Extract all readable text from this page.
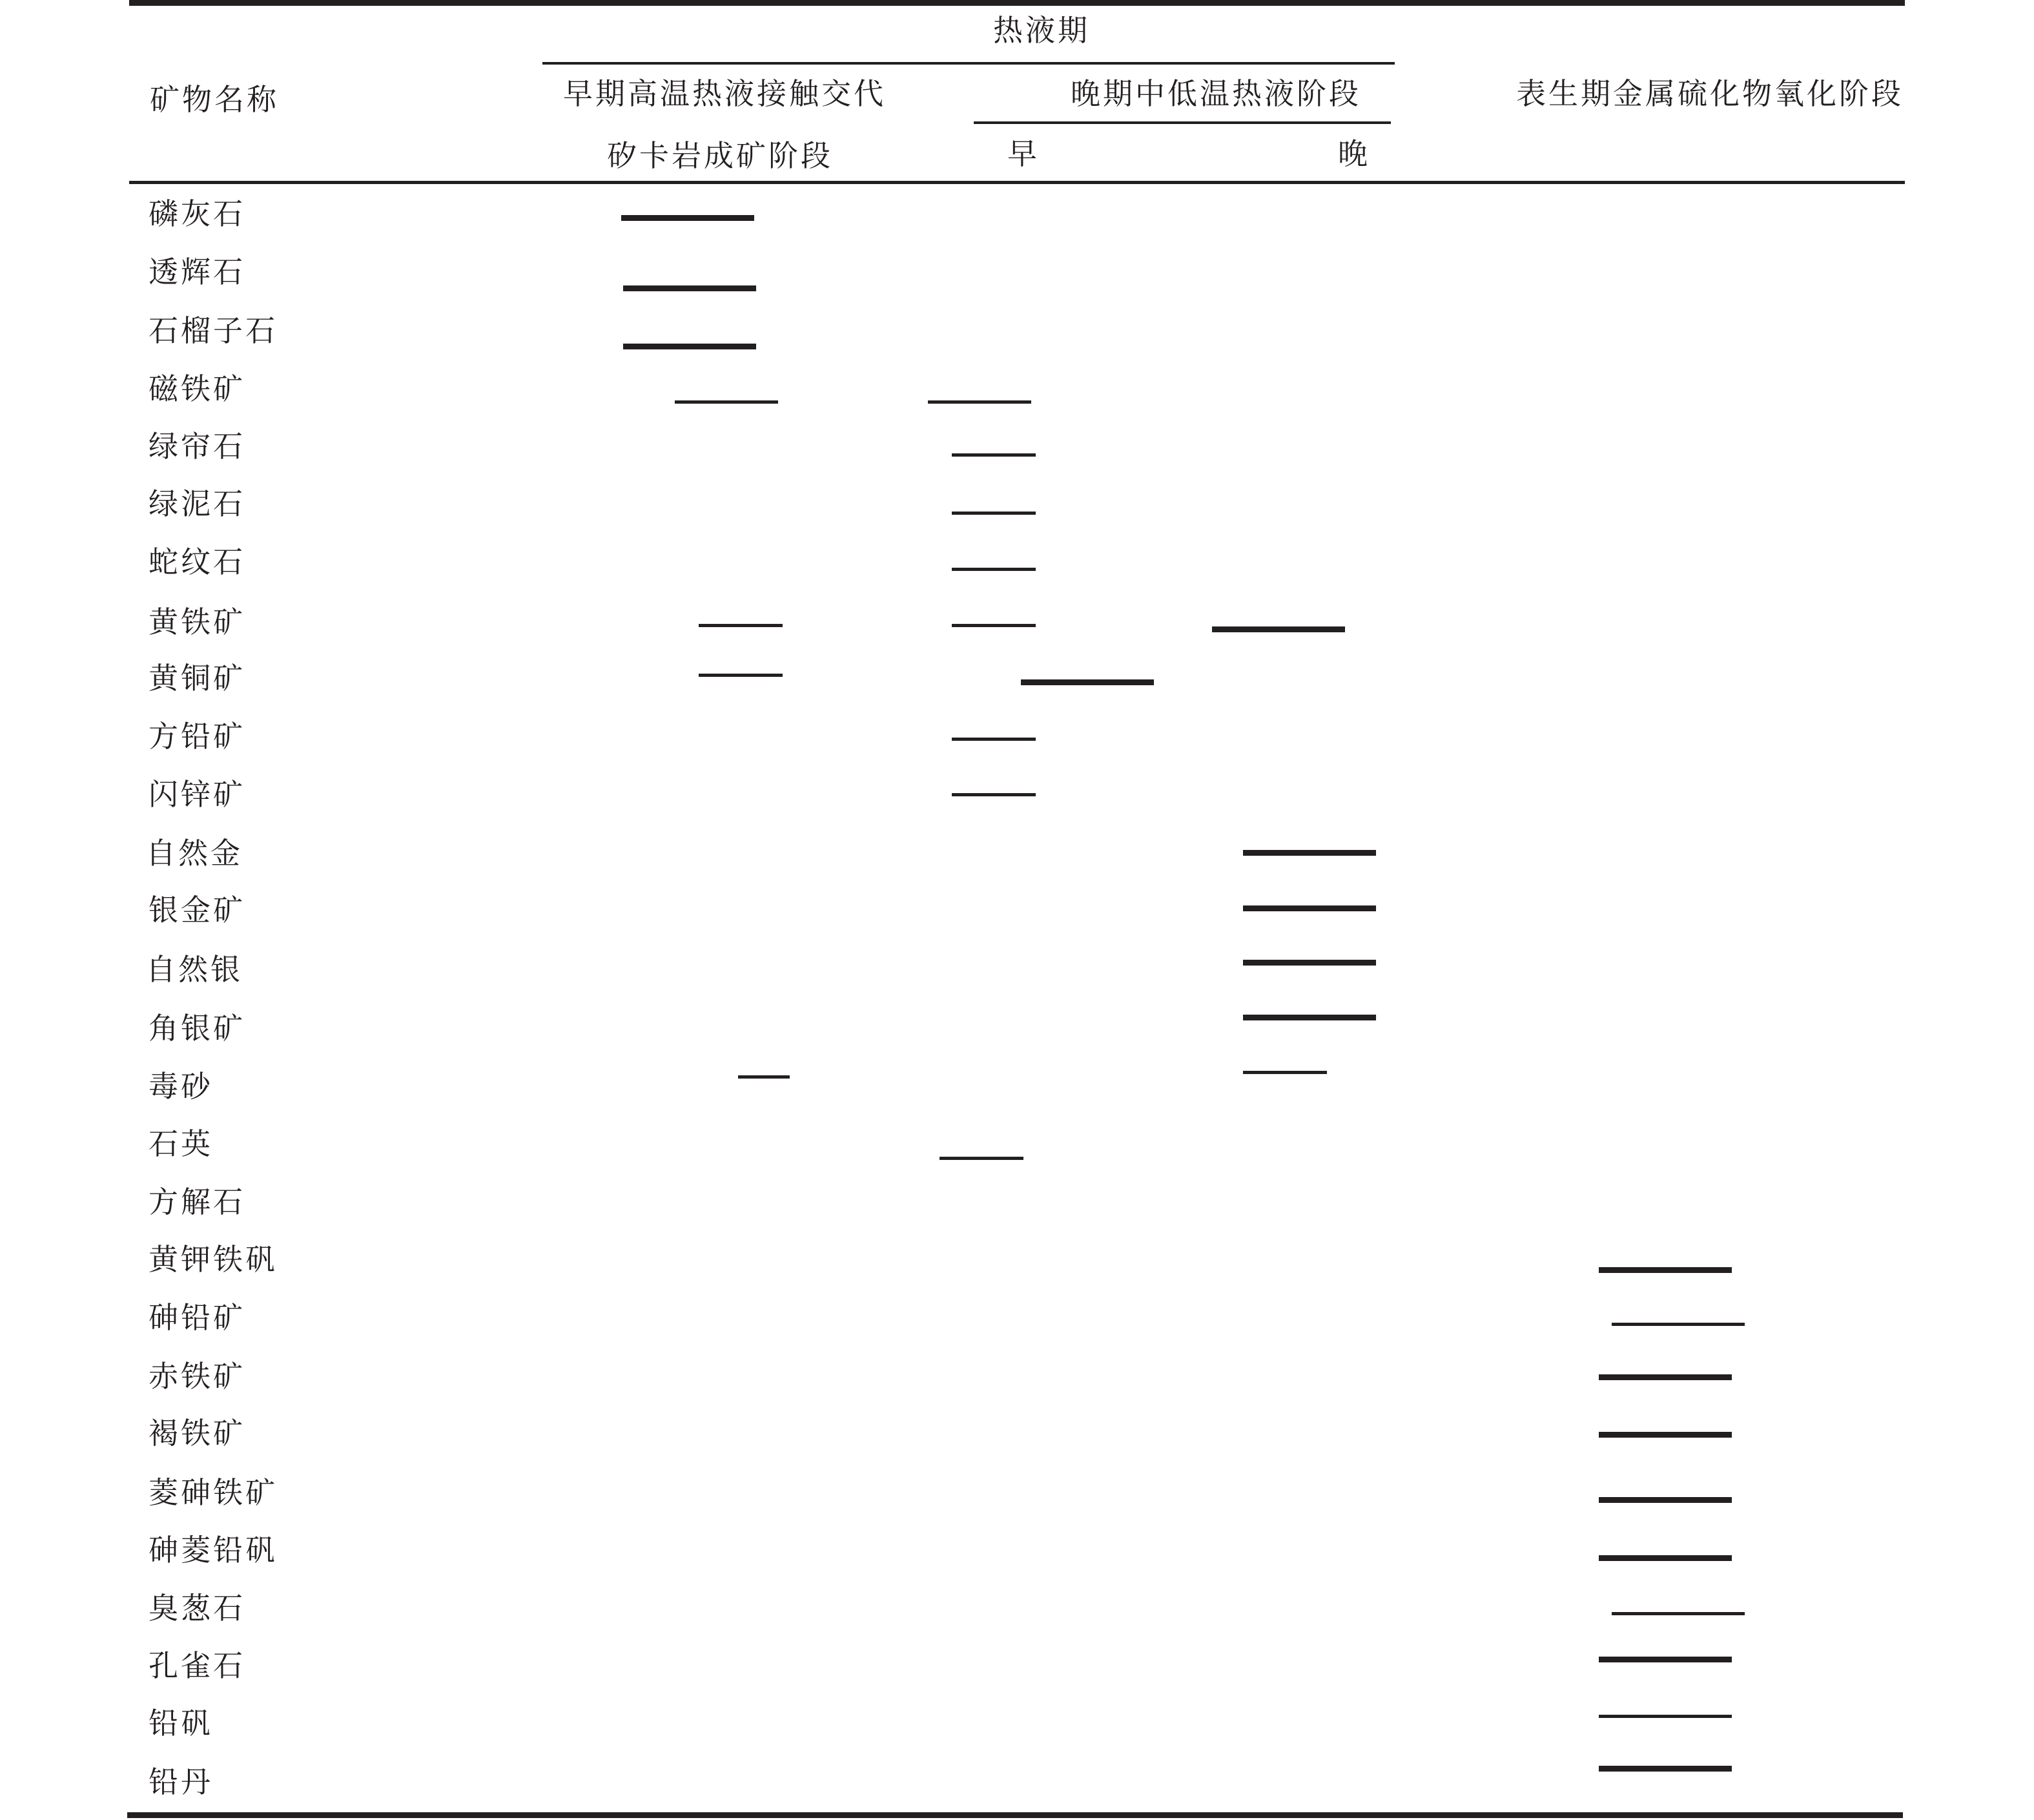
热液期
矿物名称	早期高温热液接触交代
矽卡岩成矿阶段
晚期中低温热液阶段
早	晚
表生期金属硫化物氧化阶段
磷灰石
透辉石
石榴子石
磁铁矿
绿帘石
绿泥石
蛇纹石
黄铁矿
黄铜矿
方铅矿
闪锌矿
自然金
银金矿
自然银
角银矿
毒砂
石英
方解石
黄钾铁矾
砷铅矿
赤铁矿
褐铁矿
菱砷铁矿
砷菱铅矾
臭葱石
孔雀石
铅矾
铅丹
